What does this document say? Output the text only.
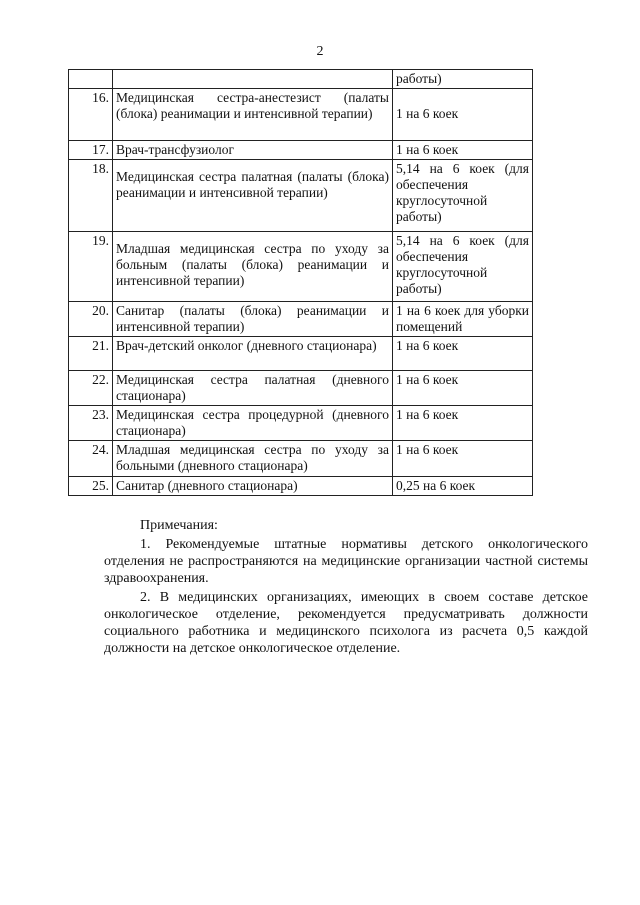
2
		работы)
16.	Медицинская сестра-анестезист (палаты (блока) реанимации и интенсивной терапии)	1 на 6 коек
17.	Врач-трансфузиолог	1 на 6 коек
18.	Медицинская сестра палатная (палаты (блока) реанимации и интенсивной терапии)	5,14 на 6 коек (для обеспечения круглосуточной работы)
19.	Младшая медицинская сестра по уходу за больным (палаты (блока) реанимации и интенсивной терапии)	5,14 на 6 коек (для обеспечения круглосуточной работы)
20.	Санитар (палаты (блока) реанимации и интенсивной терапии)	1 на 6 коек для уборки помещений
21.	Врач-детский онколог (дневного стационара)	1 на 6 коек
22.	Медицинская сестра палатная (дневного стационара)	1 на 6 коек
23.	Медицинская сестра процедурной (дневного стационара)	1 на 6 коек
24.	Младшая медицинская сестра по уходу за больными (дневного стационара)	1 на 6 коек
25.	Санитар (дневного стационара)	0,25 на 6 коек
Примечания:

1. Рекомендуемые штатные нормативы детского онкологического отделения не распространяются на медицинские организации частной системы здравоохранения.

2. В медицинских организациях, имеющих в своем составе детское онкологическое отделение, рекомендуется предусматривать должности социального работника и медицинского психолога из расчета 0,5 каждой должности на детское онкологическое отделение.
